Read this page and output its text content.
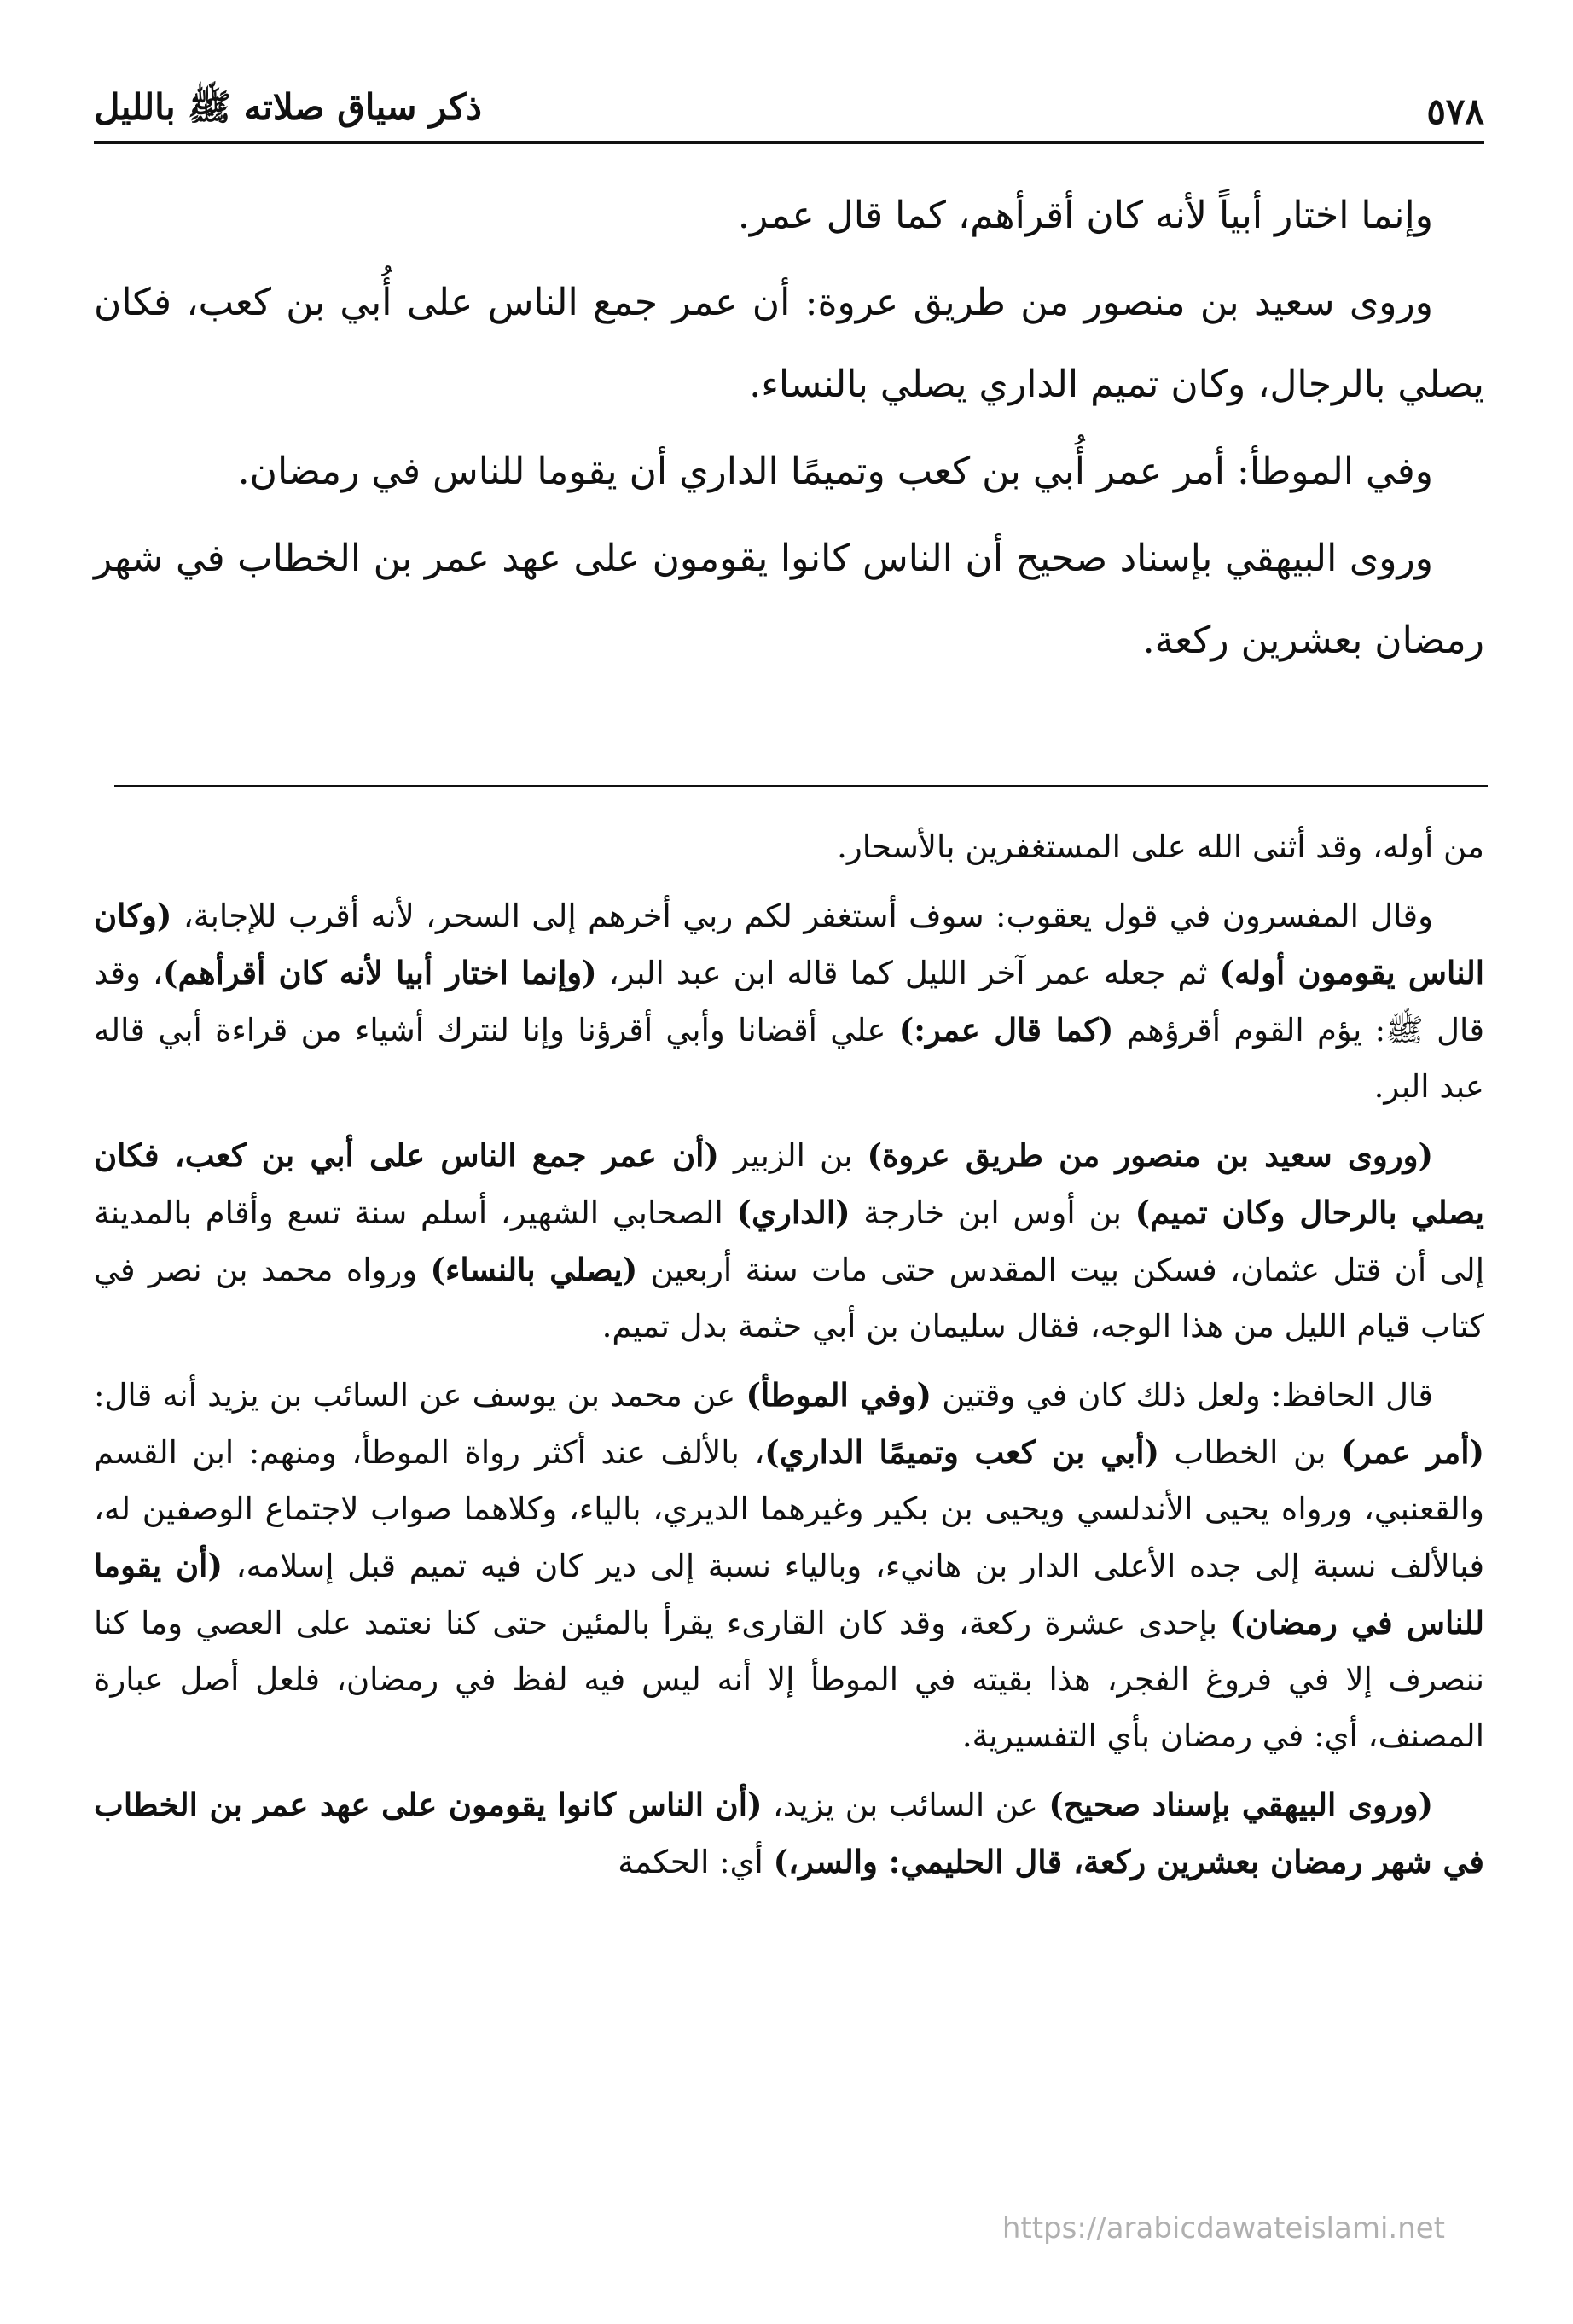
٥٧٨
ذكر سياق صلاته ﷺ بالليل

وإنما اختار أبياً لأنه كان أقرأهم، كما قال عمر.

وروى سعيد بن منصور من طريق عروة: أن عمر جمع الناس على أُبي بن كعب، فكان يصلي بالرجال، وكان تميم الداري يصلي بالنساء.

وفي الموطأ: أمر عمر أُبي بن كعب وتميمًا الداري أن يقوما للناس في رمضان.

وروى البيهقي بإسناد صحيح أن الناس كانوا يقومون على عهد عمر بن الخطاب في شهر رمضان بعشرين ركعة.

من أوله، وقد أثنى الله على المستغفرين بالأسحار.

وقال المفسرون في قول يعقوب: سوف أستغفر لكم ربي أخرهم إلى السحر، لأنه أقرب للإجابة، (وكان الناس يقومون أوله) ثم جعله عمر آخر الليل كما قاله ابن عبد البر، (وإنما اختار أبيا لأنه كان أقرأهم)، وقد قال ﷺ: يؤم القوم أقرؤهم (كما قال عمر:) علي أقضانا وأبي أقرؤنا وإنا لنترك أشياء من قراءة أبي قاله عبد البر.

(وروى سعيد بن منصور من طريق عروة) بن الزبير (أن عمر جمع الناس على أبي بن كعب، فكان يصلي بالرحال وكان تميم) بن أوس ابن خارجة (الداري) الصحابي الشهير، أسلم سنة تسع وأقام بالمدينة إلى أن قتل عثمان، فسكن بيت المقدس حتى مات سنة أربعين (يصلي بالنساء) ورواه محمد بن نصر في كتاب قيام الليل من هذا الوجه، فقال سليمان بن أبي حثمة بدل تميم.

قال الحافظ: ولعل ذلك كان في وقتين (وفي الموطأ) عن محمد بن يوسف عن السائب بن يزيد أنه قال: (أمر عمر) بن الخطاب (أبي بن كعب وتميمًا الداري)، بالألف عند أكثر رواة الموطأ، ومنهم: ابن القسم والقعنبي، ورواه يحيى الأندلسي ويحيى بن بكير وغيرهما الديري، بالياء، وكلاهما صواب لاجتماع الوصفين له، فبالألف نسبة إلى جده الأعلى الدار بن هانيء، وبالياء نسبة إلى دير كان فيه تميم قبل إسلامه، (أن يقوما للناس في رمضان) بإحدى عشرة ركعة، وقد كان القارىء يقرأ بالمئين حتى كنا نعتمد على العصي وما كنا ننصرف إلا في فروغ الفجر، هذا بقيته في الموطأ إلا أنه ليس فيه لفظ في رمضان، فلعل أصل عبارة المصنف، أي: في رمضان بأي التفسيرية.

(وروى البيهقي بإسناد صحيح) عن السائب بن يزيد، (أن الناس كانوا يقومون على عهد عمر بن الخطاب في شهر رمضان بعشرين ركعة، قال الحليمي: والسر،) أي: الحكمة

https://arabicdawateislami.net
